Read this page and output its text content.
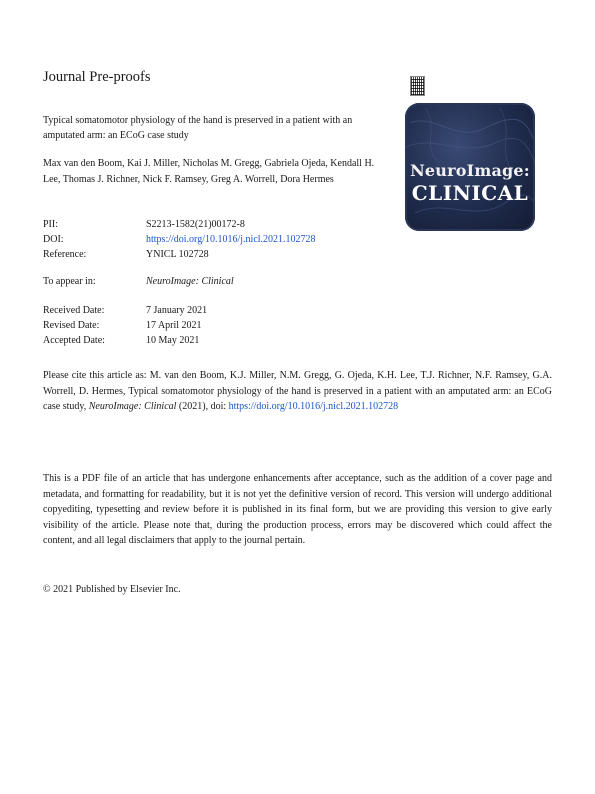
Journal Pre-proofs
Typical somatomotor physiology of the hand is preserved in a patient with an amputated arm: an ECoG case study
Max van den Boom, Kai J. Miller, Nicholas M. Gregg, Gabriela Ojeda, Kendall H. Lee, Thomas J. Richner, Nick F. Ramsey, Greg A. Worrell, Dora Hermes
PII:	S2213-1582(21)00172-8
DOI:	https://doi.org/10.1016/j.nicl.2021.102728
Reference:	YNICL 102728
To appear in:	NeuroImage: Clinical
Received Date:	7 January 2021
Revised Date:	17 April 2021
Accepted Date:	10 May 2021
Please cite this article as: M. van den Boom, K.J. Miller, N.M. Gregg, G. Ojeda, K.H. Lee, T.J. Richner, N.F. Ramsey, G.A. Worrell, D. Hermes, Typical somatomotor physiology of the hand is preserved in a patient with an amputated arm: an ECoG case study, NeuroImage: Clinical (2021), doi: https://doi.org/10.1016/j.nicl.2021.102728
This is a PDF file of an article that has undergone enhancements after acceptance, such as the addition of a cover page and metadata, and formatting for readability, but it is not yet the definitive version of record. This version will undergo additional copyediting, typesetting and review before it is published in its final form, but we are providing this version to give early visibility of the article. Please note that, during the production process, errors may be discovered which could affect the content, and all legal disclaimers that apply to the journal pertain.
© 2021 Published by Elsevier Inc.
NeuroImage:
CLINICAL
